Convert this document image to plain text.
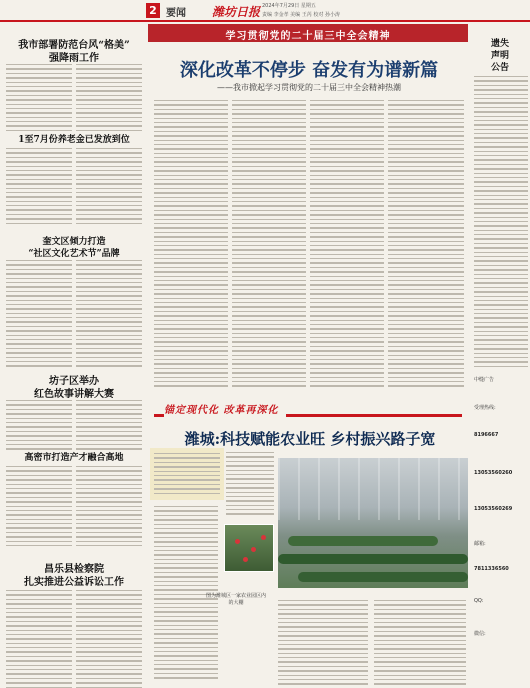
2 要闻 潍坊日报 2024年7月29日 星期五
责编 李金孝 美编 王芮 校对 孙小涛
我市部署防范台风“格美”
强降雨工作
1至7月份养老金已发放到位
奎文区倾力打造
“社区文化艺术节”品牌
坊子区举办
红色故事讲解大赛
高密市打造产才融合高地
昌乐县检察院
扎实推进公益诉讼工作
学习贯彻党的二十届三中全会精神
深化改革不停步 奋发有为谱新篇
——我市掀起学习贯彻党的二十届三中全会精神热潮
锚定现代化 改革再深化
潍城:科技赋能农业旺 乡村振兴路子宽
图为潍城区一家农业园区内的大棚
遗失
声明
公告
中缝广告
受理热线:
8196667
13053560260
13053560269
邮箱:
7811336560
QQ:
微信:
